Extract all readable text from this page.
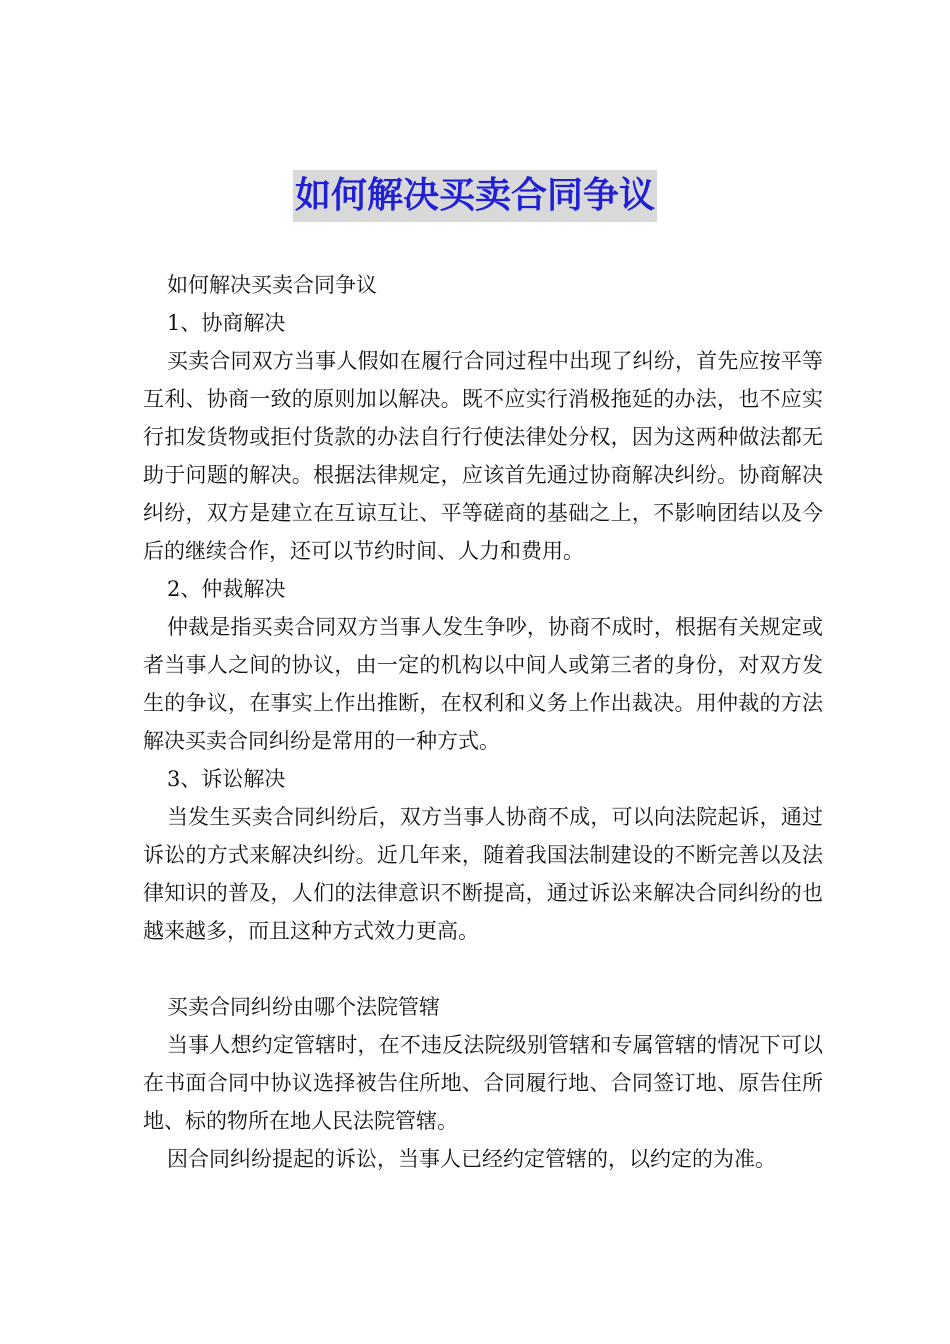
如何解决买卖合同争议

如何解决买卖合同争议

1、协商解决

买卖合同双方当事人假如在履行合同过程中出现了纠纷，首先应按平等互利、协商一致的原则加以解决。既不应实行消极拖延的办法，也不应实行扣发货物或拒付货款的办法自行行使法律处分权，因为这两种做法都无助于问题的解决。根据法律规定，应该首先通过协商解决纠纷。协商解决纠纷，双方是建立在互谅互让、平等磋商的基础之上，不影响团结以及今后的继续合作，还可以节约时间、人力和费用。

2、仲裁解决

仲裁是指买卖合同双方当事人发生争吵，协商不成时，根据有关规定或者当事人之间的协议，由一定的机构以中间人或第三者的身份，对双方发生的争议，在事实上作出推断，在权利和义务上作出裁决。用仲裁的方法解决买卖合同纠纷是常用的一种方式。

3、诉讼解决

当发生买卖合同纠纷后，双方当事人协商不成，可以向法院起诉，通过诉讼的方式来解决纠纷。近几年来，随着我国法制建设的不断完善以及法律知识的普及，人们的法律意识不断提高，通过诉讼来解决合同纠纷的也越来越多，而且这种方式效力更高。

买卖合同纠纷由哪个法院管辖

当事人想约定管辖时，在不违反法院级别管辖和专属管辖的情况下可以在书面合同中协议选择被告住所地、合同履行地、合同签订地、原告住所地、标的物所在地人民法院管辖。

因合同纠纷提起的诉讼，当事人已经约定管辖的，以约定的为准。
